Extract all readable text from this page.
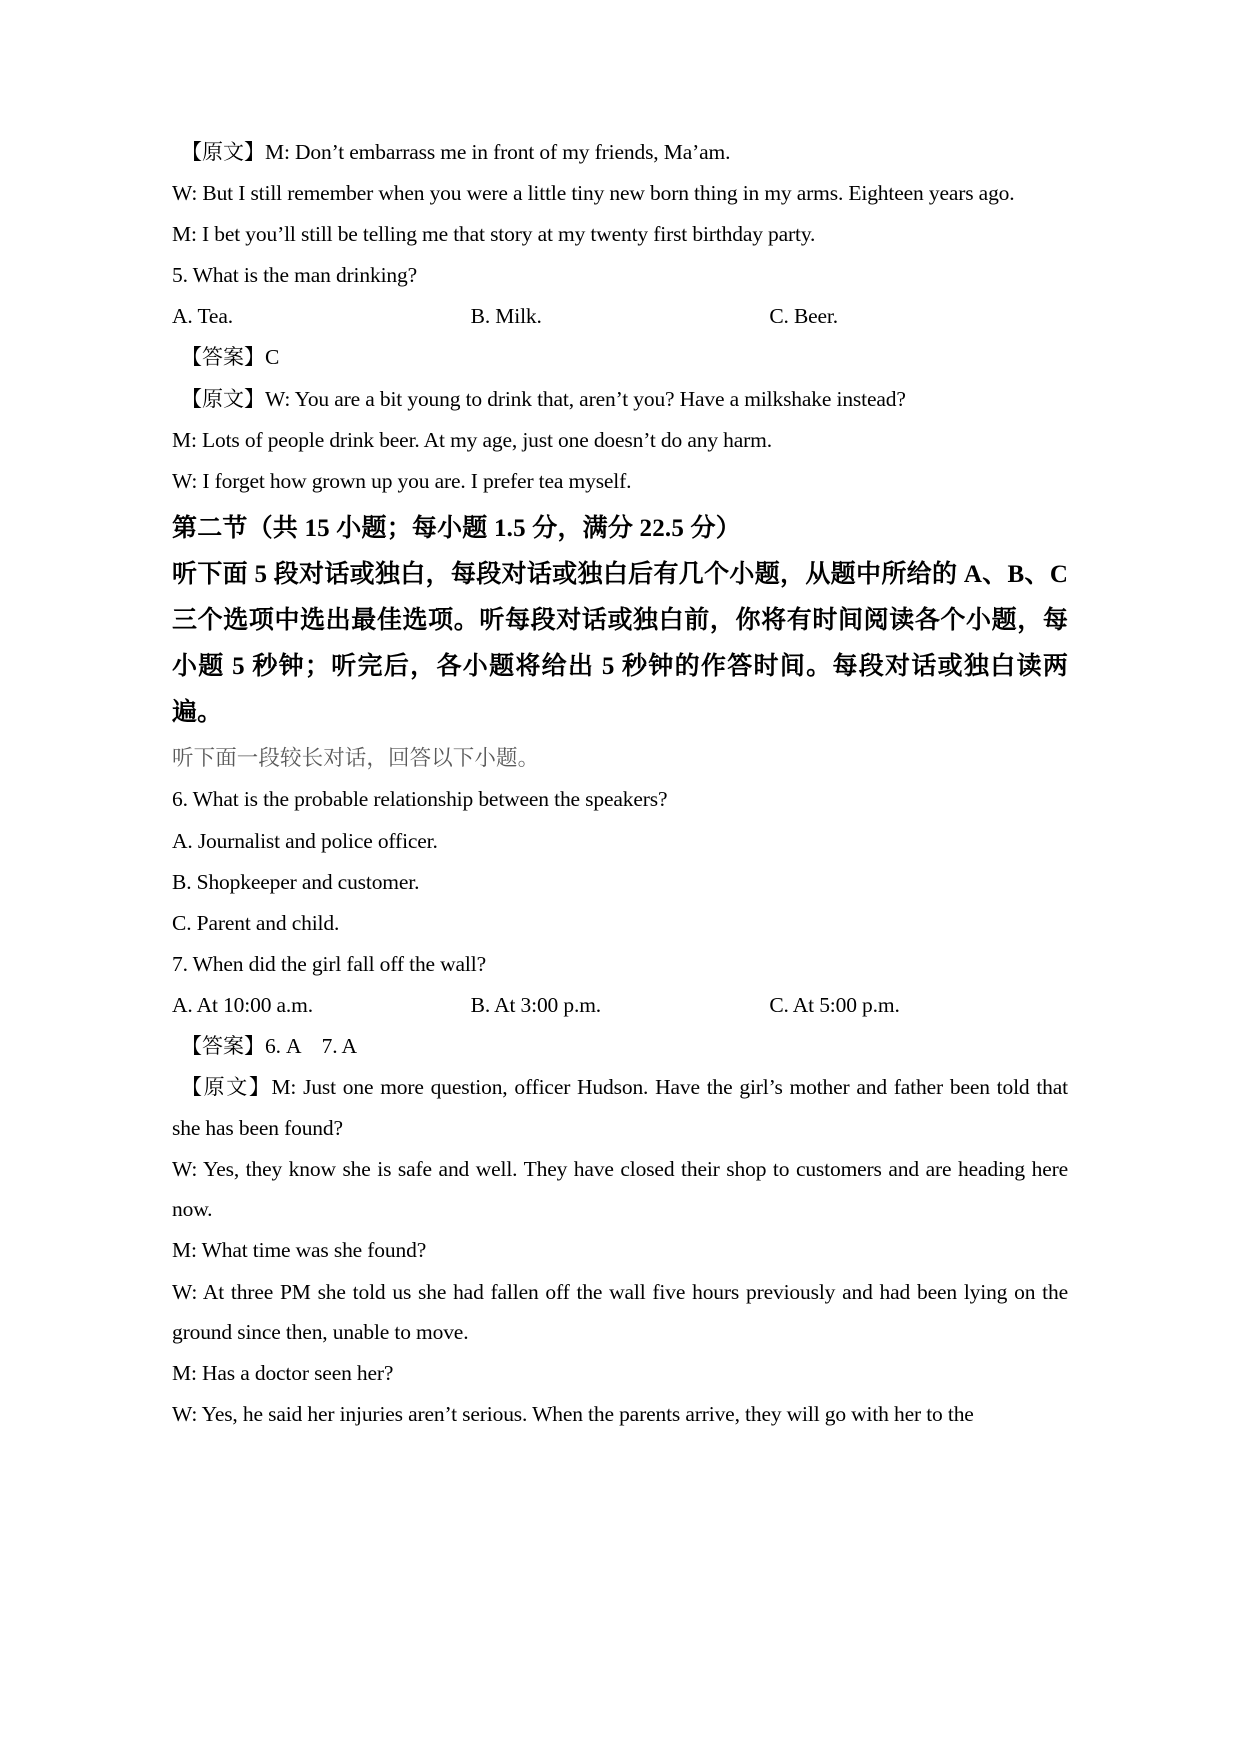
【原文】M: Don’t embarrass me in front of my friends, Ma’am.
W: But I still remember when you were a little tiny new born thing in my arms. Eighteen years ago.
M: I bet you’ll still be telling me that story at my twenty first birthday party.
5. What is the man drinking?
A. Tea.	B. Milk.	C. Beer.
【答案】C
【原文】W: You are a bit young to drink that, aren’t you? Have a milkshake instead?
M: Lots of people drink beer. At my age, just one doesn’t do any harm.
W: I forget how grown up you are. I prefer tea myself.
第二节（共 15 小题；每小题 1.5 分，满分 22.5 分）
听下面 5 段对话或独白，每段对话或独白后有几个小题，从题中所给的 A、B、C 三个选项中选出最佳选项。听每段对话或独白前，你将有时间阅读各个小题，每小题 5 秒钟；听完后，各小题将给出 5 秒钟的作答时间。每段对话或独白读两遍。
听下面一段较长对话，回答以下小题。
6. What is the probable relationship between the speakers?
A. Journalist and police officer.
B. Shopkeeper and customer.
C. Parent and child.
7. When did the girl fall off the wall?
A. At 10:00 a.m.	B. At 3:00 p.m.	C. At 5:00 p.m.
【答案】6. A　7. A
【原文】M: Just one more question, officer Hudson. Have the girl’s mother and father been told that she has been found?
W: Yes, they know she is safe and well. They have closed their shop to customers and are heading here now.
M: What time was she found?
W: At three PM she told us she had fallen off the wall five hours previously and had been lying on the ground since then, unable to move.
M: Has a doctor seen her?
W: Yes, he said her injuries aren’t serious. When the parents arrive, they will go with her to the
